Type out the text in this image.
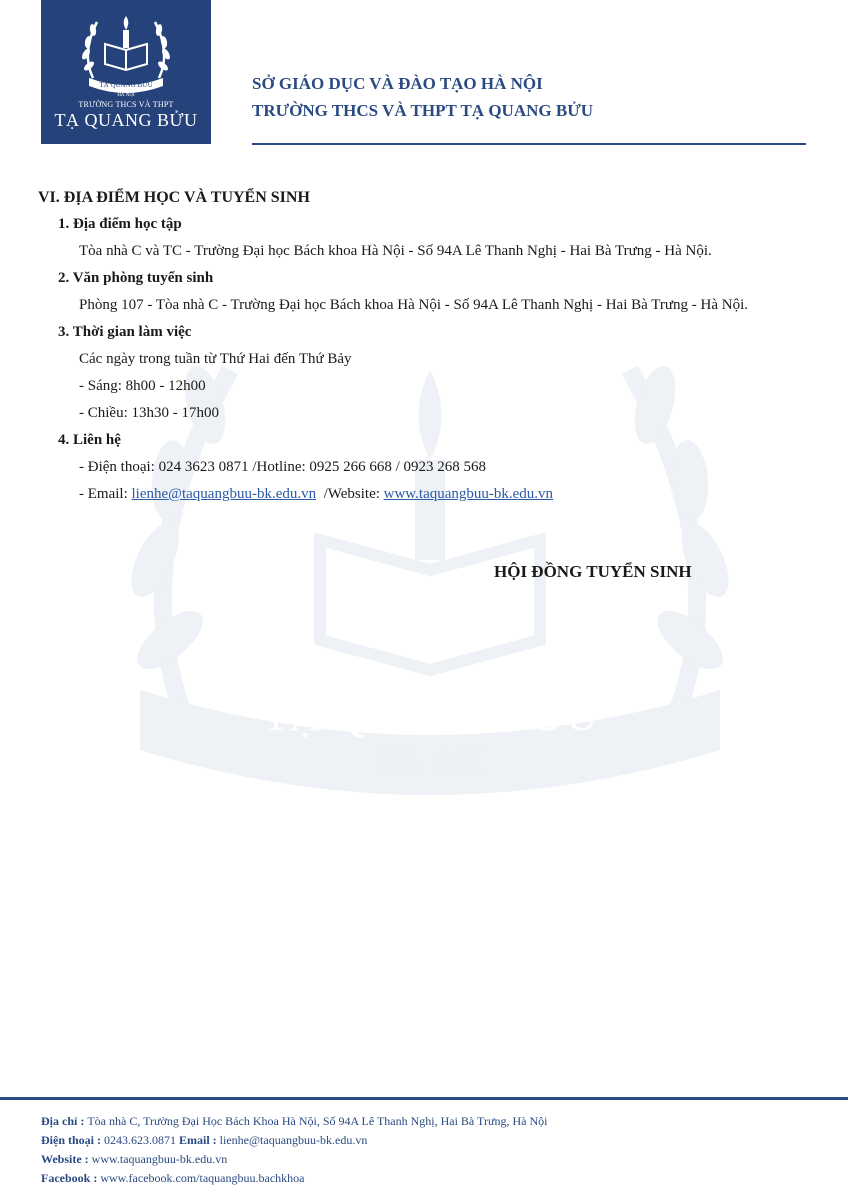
TẠ QUANG BỬU
HÀ NỘI
TRƯỜNG THCS VÀ THPT
TẠ QUANG BỬU
SỞ GIÁO DỤC VÀ ĐÀO TẠO HÀ NỘI
TRƯỜNG THCS VÀ THPT TẠ QUANG BỬU
TẠ QUANG BỬU
HÀ NỘI
VI. ĐỊA ĐIỂM HỌC VÀ TUYỂN SINH
1. Địa điểm học tập
Tòa nhà C và TC - Trường Đại học Bách khoa Hà Nội - Số 94A Lê Thanh Nghị - Hai Bà Trưng - Hà Nội.
2. Văn phòng tuyển sinh
Phòng 107 - Tòa nhà C - Trường Đại học Bách khoa Hà Nội - Số 94A Lê Thanh Nghị - Hai Bà Trưng - Hà Nội.
3. Thời gian làm việc
Các ngày trong tuần từ Thứ Hai đến Thứ Bảy
- Sáng: 8h00 - 12h00
- Chiều: 13h30 - 17h00
4. Liên hệ
- Điện thoại: 024 3623 0871 /Hotline: 0925 266 668 / 0923 268 568
- Email: lienhe@taquangbuu-bk.edu.vn  /Website: www.taquangbuu-bk.edu.vn
HỘI ĐỒNG TUYỂN SINH
Địa chỉ : Tòa nhà C, Trường Đại Học Bách Khoa Hà Nội, Số 94A Lê Thanh Nghị, Hai Bà Trưng, Hà Nội
Điện thoại : 0243.623.0871 Email : lienhe@taquangbuu-bk.edu.vn
Website : www.taquangbuu-bk.edu.vn
Facebook : www.facebook.com/taquangbuu.bachkhoa
